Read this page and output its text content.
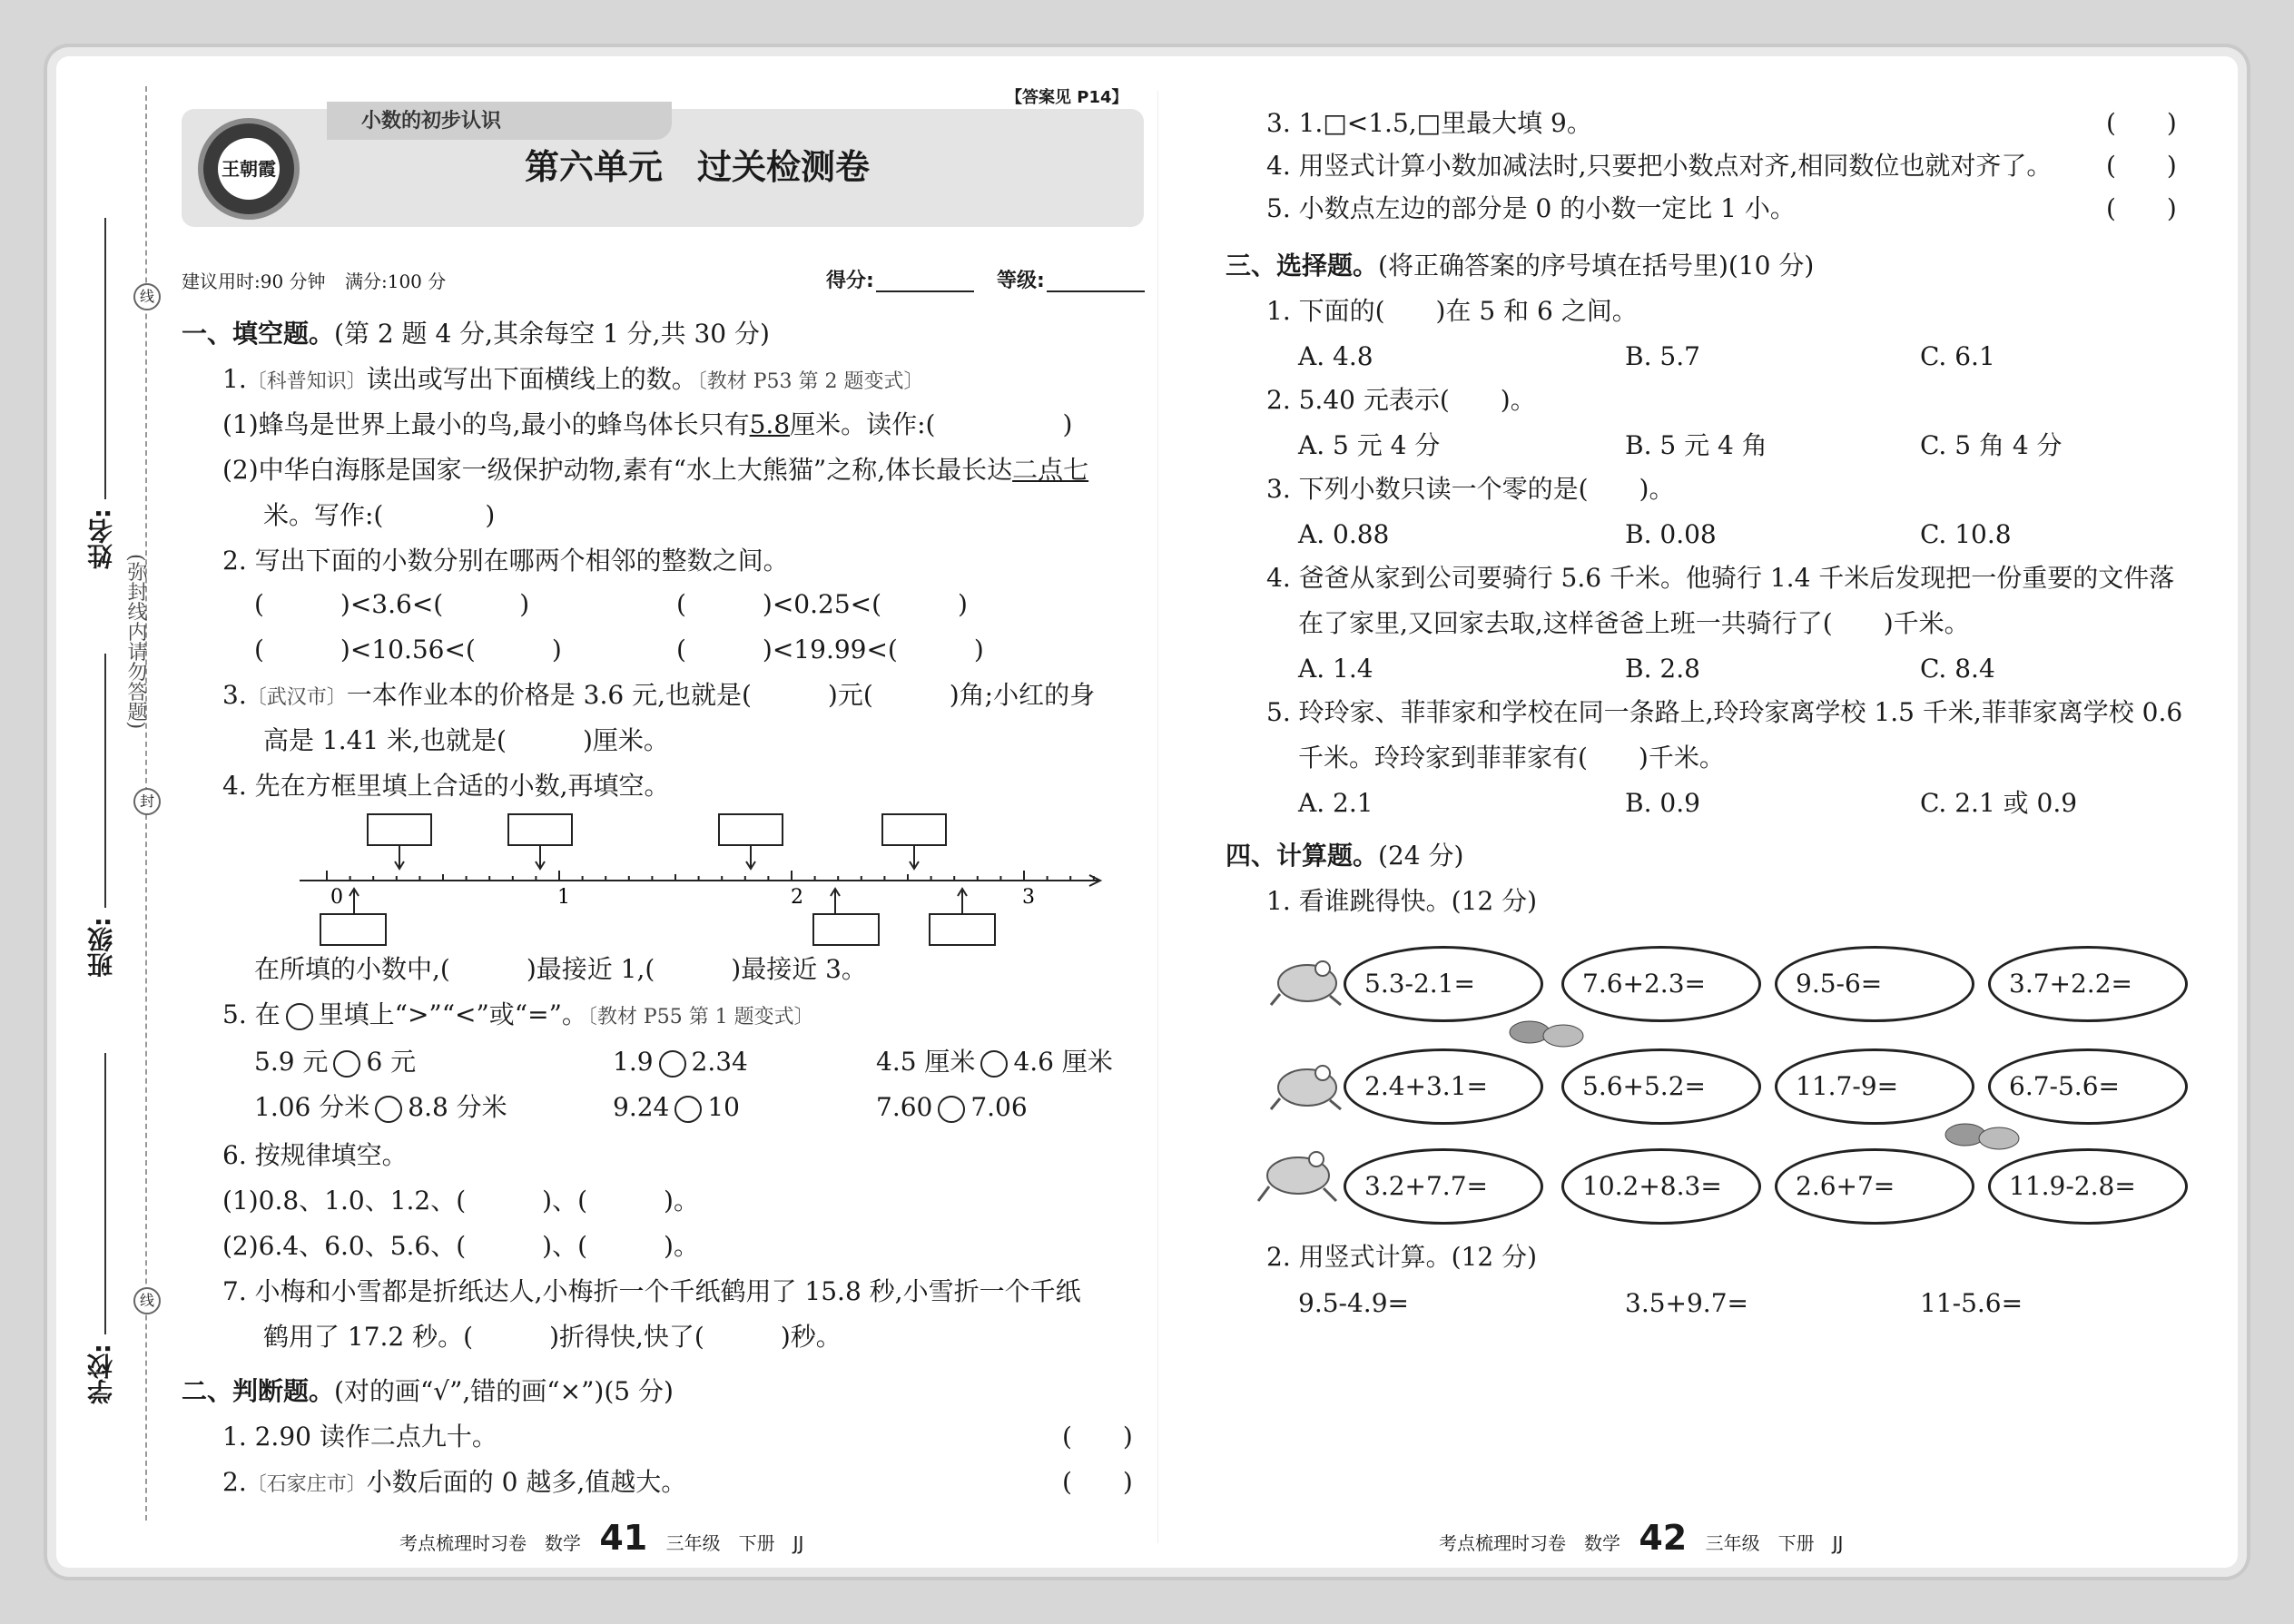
线
封
线
(弥封线内请勿答题)
姓名:
班级:
学校:
小数的初步认识
【答案见 P14】
王朝霞	第六单元　过关检测卷
建议用时:90 分钟 满分:100 分	得分:	等级:
一、填空题。(第 2 题 4 分,其余每空 1 分,共 30 分)
1.〔科普知识〕读出或写出下面横线上的数。〔教材 P53 第 2 题变式〕
(1)蜂鸟是世界上最小的鸟,最小的蜂鸟体长只有5.8厘米。读作:(　　　　　)
(2)中华白海豚是国家一级保护动物,素有“水上大熊猫”之称,体长最长达二点七
米。写作:(　　　　)
2. 写出下面的小数分别在哪两个相邻的整数之间。
(　　　)<3.6<(　　　)	(　　　)<0.25<(　　　)
(　　　)<10.56<(　　　)	(　　　)<19.99<(　　　)
3.〔武汉市〕一本作业本的价格是 3.6 元,也就是(　　　)元(　　　)角;小红的身
高是 1.41 米,也就是(　　　)厘米。
4. 先在方框里填上合适的小数,再填空。
0	1	2	3
在所填的小数中,(　　　)最接近 1,(　　　)最接近 3。
5. 在 里填上“>”“<”或“=”。〔教材 P55 第 1 题变式〕
5.9 元 6 元	1.9 2.34	4.5 厘米 4.6 厘米
1.06 分米 8.8 分米	9.24 10	7.60 7.06
6. 按规律填空。
(1)0.8、1.0、1.2、(　　　)、(　　　)。
(2)6.4、6.0、5.6、(　　　)、(　　　)。
7. 小梅和小雪都是折纸达人,小梅折一个千纸鹤用了 15.8 秒,小雪折一个千纸
鹤用了 17.2 秒。(　　　)折得快,快了(　　　)秒。
二、判断题。(对的画“√”,错的画“×”)(5 分)
1. 2.90 读作二点九十。	(　　)
2.〔石家庄市〕小数后面的 0 越多,值越大。	(　　)
考点梳理时习卷　数学 41 三年级　下册　JJ
3. 1.□<1.5,□里最大填 9。	(　　)
4. 用竖式计算小数加减法时,只要把小数点对齐,相同数位也就对齐了。 (　　)
5. 小数点左边的部分是 0 的小数一定比 1 小。	(　　)
三、选择题。(将正确答案的序号填在括号里)(10 分)
1. 下面的(　　)在 5 和 6 之间。
A. 4.8	B. 5.7	C. 6.1
2. 5.40 元表示(　　)。
A. 5 元 4 分	B. 5 元 4 角	C. 5 角 4 分
3. 下列小数只读一个零的是(　　)。
A. 0.88	B. 0.08	C. 10.8
4. 爸爸从家到公司要骑行 5.6 千米。他骑行 1.4 千米后发现把一份重要的文件落
在了家里,又回家去取,这样爸爸上班一共骑行了(　　)千米。
A. 1.4	B. 2.8	C. 8.4
5. 玲玲家、菲菲家和学校在同一条路上,玲玲家离学校 1.5 千米,菲菲家离学校 0.6
千米。玲玲家到菲菲家有(　　)千米。
A. 2.1	B. 0.9	C. 2.1 或 0.9
四、计算题。(24 分)
1. 看谁跳得快。(12 分)
5.3-2.1=	7.6+2.3=	9.5-6=	3.7+2.2=
2.4+3.1=	5.6+5.2=	11.7-9=	6.7-5.6=
3.2+7.7=	10.2+8.3=	2.6+7=	11.9-2.8=
2. 用竖式计算。(12 分)
9.5-4.9=	3.5+9.7=	11-5.6=
考点梳理时习卷　数学 42 三年级　下册　JJ
